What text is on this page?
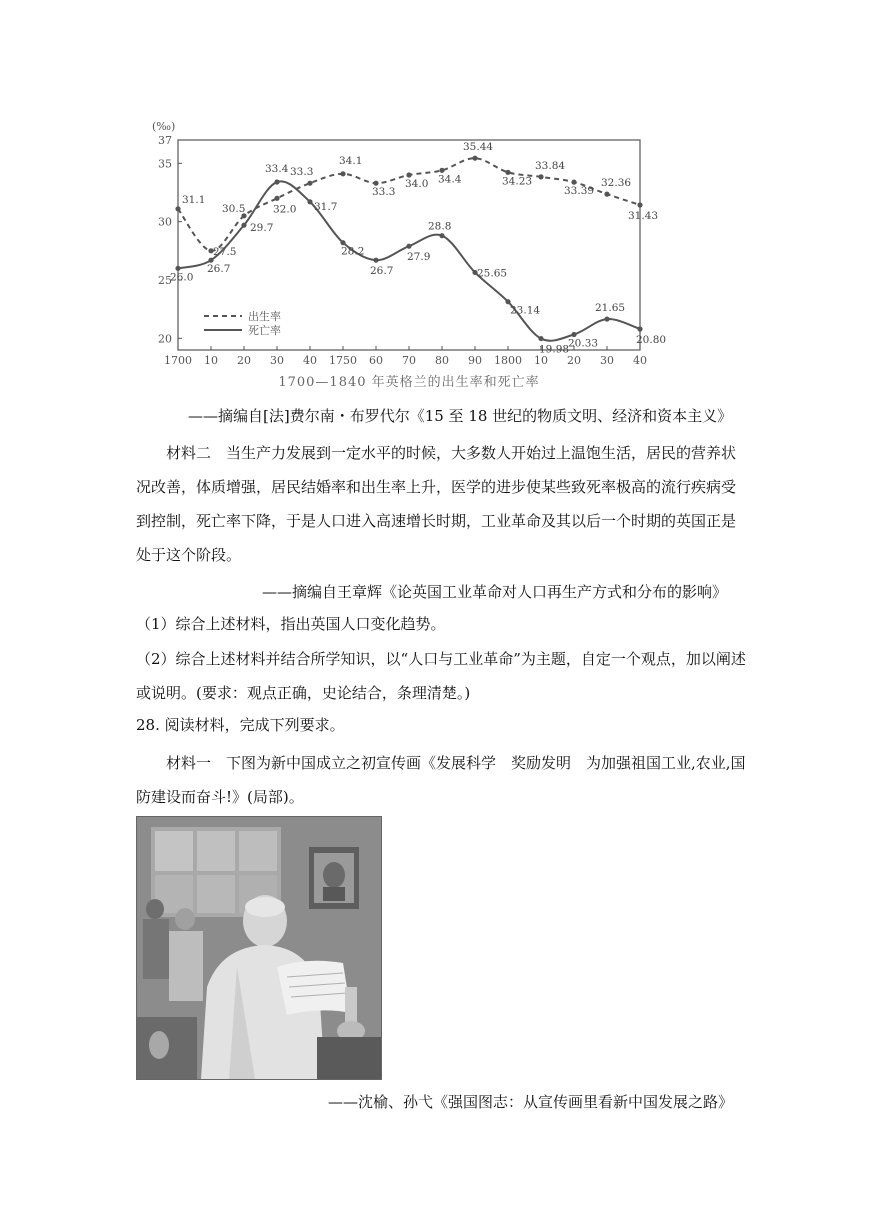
(‰)
20
25
30
35
37
1700 10 20 30 40 1750 60 70 80 90 1800 10 20 30 40
31.1
27.5
30.5	32.0
33.3
34.1
33.3
34.0 34.4
35.44
34.23
33.84
33.39
32.36
31.43
26.0
26.7
29.7
33.4
31.7
28.2
26.7
27.9
28.8
25.65
23.14
19.98
20.33
21.65
20.80
出生率
死亡率
1700—1840 年英格兰的出生率和死亡率
——摘编自[法]费尔南・布罗代尔《15 至 18 世纪的物质文明、经济和资本主义》
材料二　当生产力发展到一定水平的时候，大多数人开始过上温饱生活，居民的营养状况改善，体质增强，居民结婚率和出生率上升，医学的进步使某些致死率极高的流行疾病受到控制，死亡率下降，于是人口进入高速增长时期，工业革命及其以后一个时期的英国正是处于这个阶段。
——摘编自王章辉《论英国工业革命对人口再生产方式和分布的影响》
（1）综合上述材料，指出英国人口变化趋势。
（2）综合上述材料并结合所学知识，以“人口与工业革命”为主题，自定一个观点，加以阐述或说明。(要求：观点正确，史论结合，条理清楚。)
28. 阅读材料，完成下列要求。
材料一　下图为新中国成立之初宣传画《发展科学　奖励发明　为加强祖国工业,农业,国防建设而奋斗!》(局部)。
——沈榆、孙弋《强国图志：从宣传画里看新中国发展之路》
